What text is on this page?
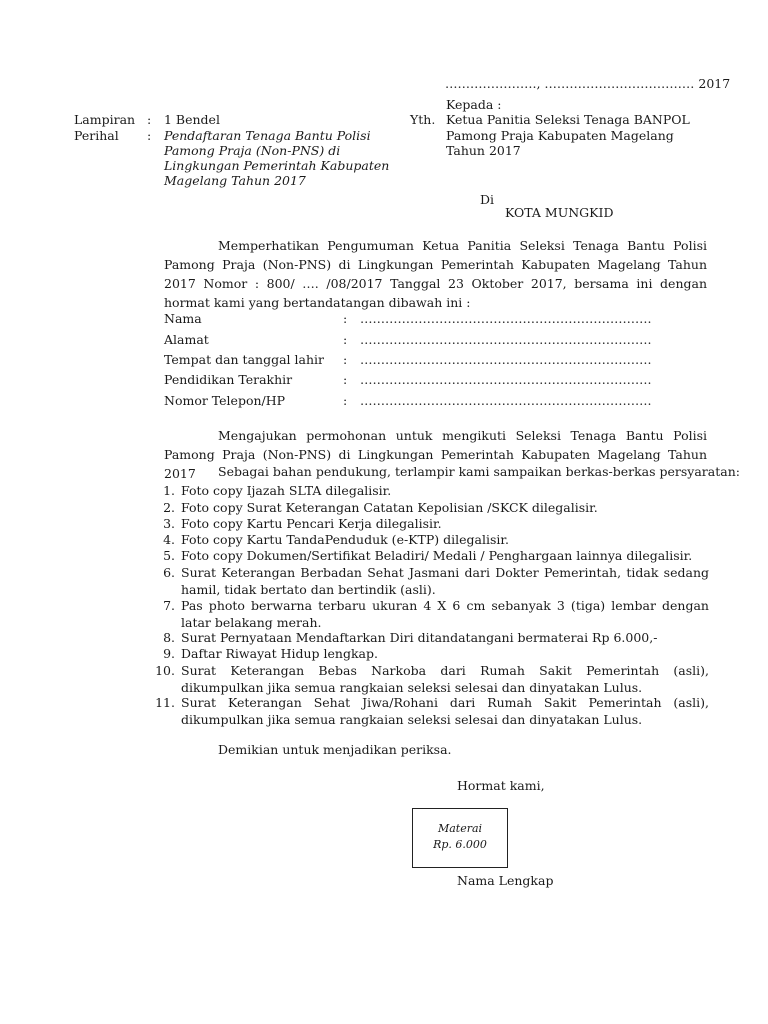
…………………., ……………………………… 2017
Lampiran : 1 Bendel
Perihal : Pendaftaran Tenaga Bantu Polisi
Pamong Praja (Non-PNS) di
Lingkungan Pemerintah Kabupaten
Magelang Tahun 2017
Kepada :
Yth. Ketua Panitia Seleksi Tenaga BANPOL
Pamong Praja Kabupaten Magelang
Tahun 2017
Di
KOTA MUNGKID
Memperhatikan Pengumuman Ketua Panitia Seleksi Tenaga Bantu Polisi Pamong Praja (Non-PNS) di Lingkungan Pemerintah Kabupaten Magelang Tahun 2017 Nomor : 800/ …. /08/2017 Tanggal 23 Oktober 2017, bersama ini dengan hormat kami yang bertandatangan dibawah ini :
Nama	: …………………………………………………………….
Alamat	: …………………………………………………………….
Tempat dan tanggal lahir : …………………………………………………………….
Pendidikan Terakhir	: …………………………………………………………….
Nomor Telepon/HP	: …………………………………………………………….
Mengajukan permohonan untuk mengikuti Seleksi Tenaga Bantu Polisi Pamong Praja (Non-PNS) di Lingkungan Pemerintah Kabupaten Magelang Tahun 2017	Sebagai bahan pendukung, terlampir kami sampaikan berkas-berkas persyaratan:
1. Foto copy Ijazah SLTA dilegalisir.
2. Foto copy Surat Keterangan Catatan Kepolisian /SKCK dilegalisir.
3. Foto copy Kartu Pencari Kerja dilegalisir.
4. Foto copy Kartu TandaPenduduk (e-KTP) dilegalisir.
5. Foto copy Dokumen/Sertifikat Beladiri/ Medali / Penghargaan lainnya dilegalisir.
6. Surat Keterangan Berbadan Sehat Jasmani dari Dokter Pemerintah, tidak sedang hamil, tidak bertato dan bertindik (asli).
7. Pas photo berwarna terbaru ukuran 4 X 6 cm sebanyak 3 (tiga) lembar dengan latar belakang merah.
8. Surat Pernyataan Mendaftarkan Diri ditandatangani bermaterai Rp 6.000,-
9. Daftar Riwayat Hidup lengkap.
10. Surat Keterangan Bebas Narkoba dari Rumah Sakit Pemerintah (asli), dikumpulkan jika semua rangkaian seleksi selesai dan dinyatakan Lulus.
11. Surat Keterangan Sehat Jiwa/Rohani dari Rumah Sakit Pemerintah (asli), dikumpulkan jika semua rangkaian seleksi selesai dan dinyatakan Lulus.
Demikian untuk menjadikan periksa.
Hormat kami,
Materai
Rp. 6.000
Nama Lengkap
